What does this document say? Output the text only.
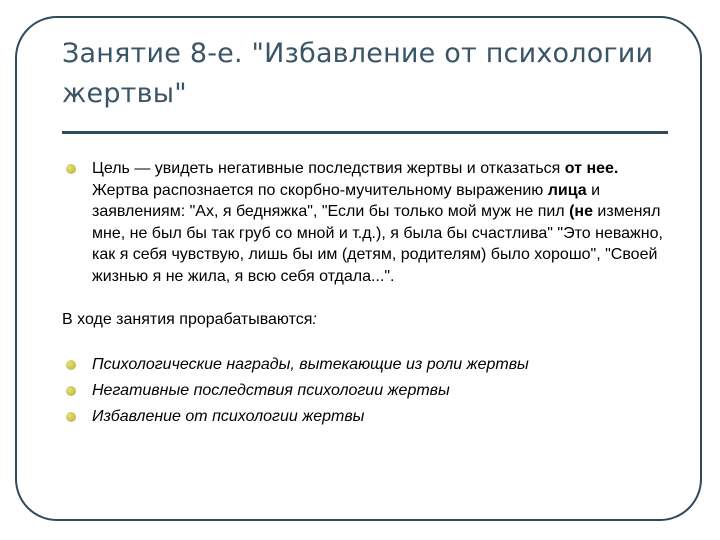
Занятие 8-е. "Избавление от психологии жертвы"
Цель — увидеть негативные последствия жертвы и отказаться от нее. Жертва распознается по скорбно-мучительному выражению лица и заявлениям: "Ах, я бедняжка", "Если бы только мой муж не пил (не изменял мне, не был бы так груб со мной и т.д.), я была бы счастлива" "Это неважно, как я себя чувствую, лишь бы им (детям, родителям) было хорошо", "Своей жизнью я не жила, я всю себя отдала...".
В ходе занятия прорабатываются:
Психологические награды, вытекающие из роли жертвы
Негативные последствия психологии жертвы
Избавление от психологии жертвы
